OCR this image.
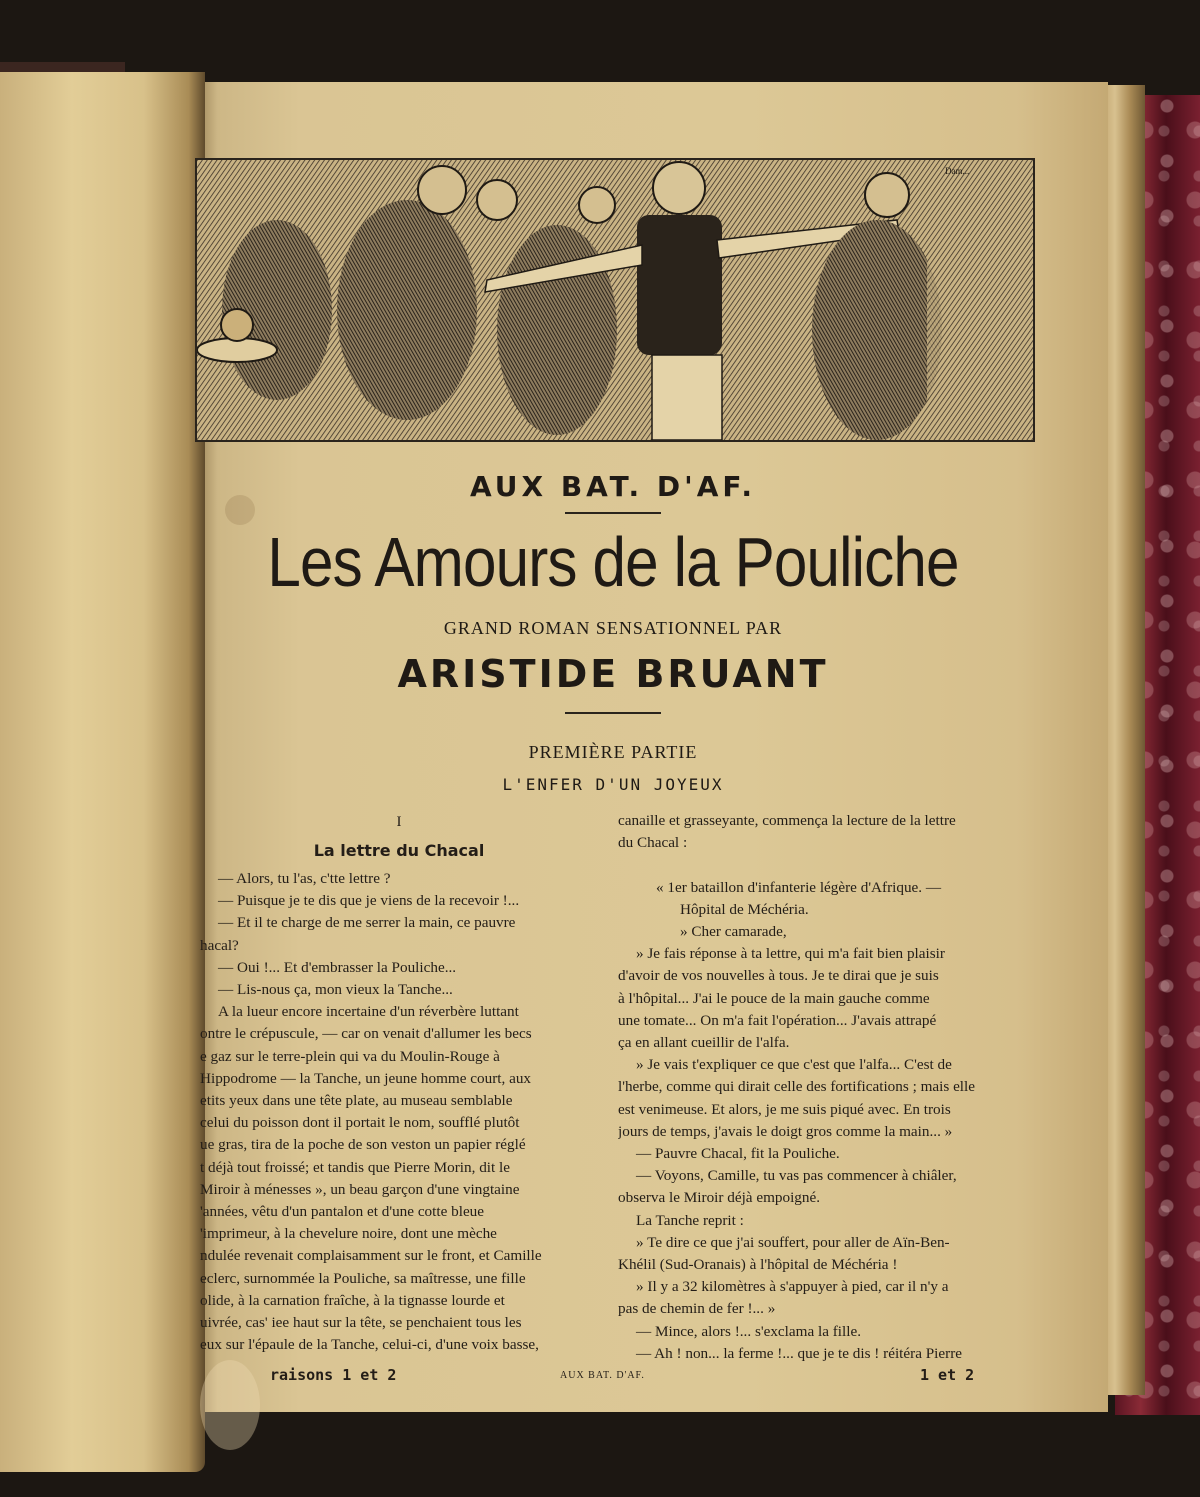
Dam...
AUX BAT. D'AF.
Les Amours de la Pouliche
GRAND ROMAN SENSATIONNEL PAR
ARISTIDE BRUANT
PREMIÈRE PARTIE
L'ENFER D'UN JOYEUX
I
La lettre du Chacal

— Alors, tu l'as, c'tte lettre ?

— Puisque je te dis que je viens de la recevoir !...

— Et il te charge de me serrer la main, ce pauvre

hacal?

— Oui !... Et d'embrasser la Pouliche...

— Lis-nous ça, mon vieux la Tanche...

A la lueur encore incertaine d'un réverbère luttant

ontre le crépuscule, — car on venait d'allumer les becs

e gaz sur le terre-plein qui va du Moulin-Rouge à

Hippodrome — la Tanche, un jeune homme court, aux

etits yeux dans une tête plate, au museau semblable

celui du poisson dont il portait le nom, soufflé plutôt

ue gras, tira de la poche de son veston un papier réglé

t déjà tout froissé; et tandis que Pierre Morin, dit le

Miroir à ménesses », un beau garçon d'une vingtaine

'années, vêtu d'un pantalon et d'une cotte bleue

'imprimeur, à la chevelure noire, dont une mèche

ndulée revenait complaisamment sur le front, et Camille

eclerc, surnommée la Pouliche, sa maîtresse, une fille

olide, à la carnation fraîche, à la tignasse lourde et

uivrée, cas' iee haut sur la tête, se penchaient tous les

eux sur l'épaule de la Tanche, celui-ci, d'une voix basse,

canaille et grasseyante, commença la lecture de la lettre

du Chacal :

« 1er bataillon d'infanterie légère d'Afrique. —

Hôpital de Méchéria.

» Cher camarade,

» Je fais réponse à ta lettre, qui m'a fait bien plaisir

d'avoir de vos nouvelles à tous. Je te dirai que je suis

à l'hôpital... J'ai le pouce de la main gauche comme

une tomate... On m'a fait l'opération... J'avais attrapé

ça en allant cueillir de l'alfa.

» Je vais t'expliquer ce que c'est que l'alfa... C'est de

l'herbe, comme qui dirait celle des fortifications ; mais elle

est venimeuse. Et alors, je me suis piqué avec. En trois

jours de temps, j'avais le doigt gros comme la main... »

— Pauvre Chacal, fit la Pouliche.

— Voyons, Camille, tu vas pas commencer à chiâler,

observa le Miroir déjà empoigné.

La Tanche reprit :

» Te dire ce que j'ai souffert, pour aller de Aïn-Ben-

Khélil (Sud-Oranais) à l'hôpital de Méchéria !

» Il y a 32 kilomètres à s'appuyer à pied, car il n'y a

pas de chemin de fer !... »

— Mince, alors !... s'exclama la fille.

— Ah ! non... la ferme !... que je te dis ! réitéra Pierre

raisons 1 et 2	AUX BAT. D'AF.	1 et 2
